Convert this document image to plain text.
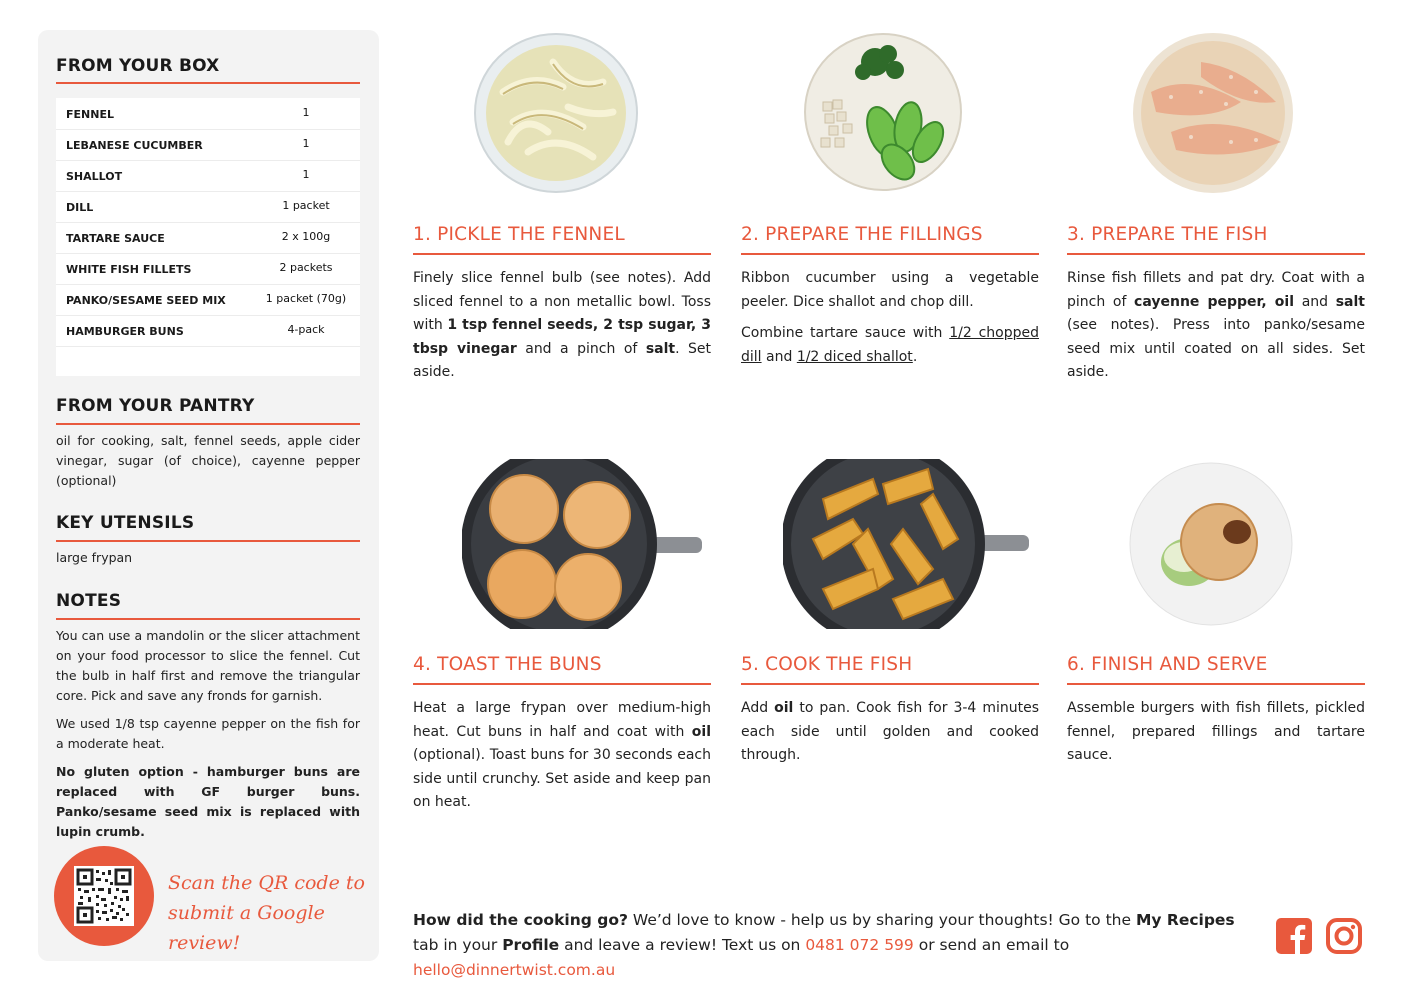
FROM YOUR BOX
FENNEL	1
LEBANESE CUCUMBER	1
SHALLOT	1
DILL	1 packet
TARTARE SAUCE	2 x 100g
WHITE FISH FILLETS	2 packets
PANKO/SESAME SEED MIX	1 packet (70g)
HAMBURGER BUNS	4-pack
FROM YOUR PANTRY
oil for cooking, salt, fennel seeds, apple cider vinegar, sugar (of choice), cayenne pepper (optional)
KEY UTENSILS
large frypan
NOTES
You can use a mandolin or the slicer attachment on your food processor to slice the fennel. Cut the bulb in half first and remove the triangular core. Pick and save any fronds for garnish.
We used 1/8 tsp cayenne pepper on the fish for a moderate heat.
No gluten option - hamburger buns are replaced with GF burger buns. Panko/sesame seed mix is replaced with lupin crumb.
Scan the QR code to
submit a Google review!
1. PICKLE THE FENNEL
Finely slice fennel bulb (see notes). Add sliced fennel to a non metallic bowl. Toss with 1 tsp fennel seeds, 2 tsp sugar, 3 tbsp vinegar and a pinch of salt. Set aside.
2. PREPARE THE FILLINGS

Ribbon cucumber using a vegetable peeler. Dice shallot and chop dill.

Combine tartare sauce with 1/2 chopped dill and 1/2 diced shallot.

3. PREPARE THE FISH
Rinse fish fillets and pat dry. Coat with a pinch of cayenne pepper, oil and salt (see notes). Press into panko/sesame seed mix until coated on all sides. Set aside.
4. TOAST THE BUNS
Heat a large frypan over medium-high heat. Cut buns in half and coat with oil (optional). Toast buns for 30 seconds each side until crunchy. Set aside and keep pan on heat.
5. COOK THE FISH
Add oil to pan. Cook fish for 3-4 minutes each side until golden and cooked through.
6. FINISH AND SERVE
Assemble burgers with fish fillets, pickled fennel, prepared fillings and tartare sauce.
How did the cooking go? We’d love to know - help us by sharing your thoughts! Go to the My Recipes tab in your Profile and leave a review! Text us on 0481 072 599 or send an email to hello@dinnertwist.com.au
